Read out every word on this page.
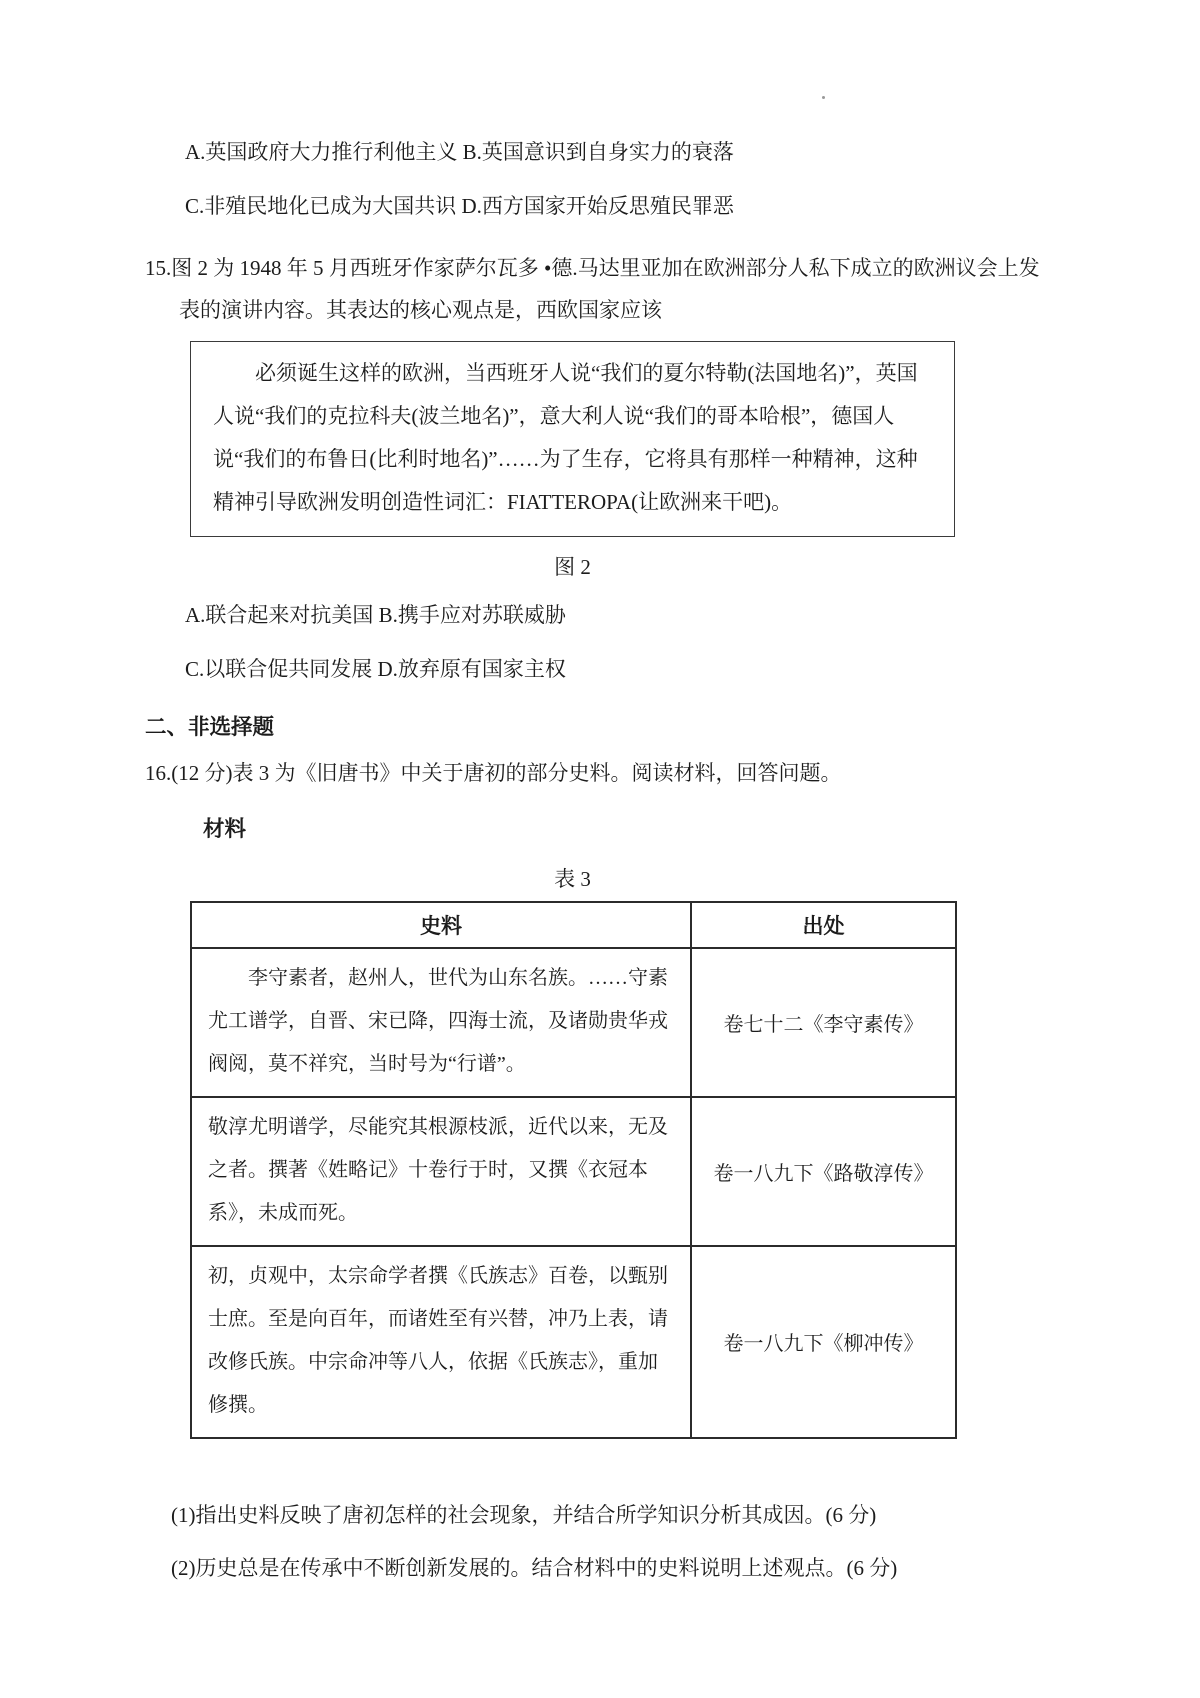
A.英国政府大力推行利他主义 B.英国意识到自身实力的衰落

C.非殖民地化已成为大国共识 D.西方国家开始反思殖民罪恶

15.图 2 为 1948 年 5 月西班牙作家萨尔瓦多 •德.马达里亚加在欧洲部分人私下成立的欧洲议会上发表的演讲内容。其表达的核心观点是，西欧国家应该

必须诞生这样的欧洲，当西班牙人说“我们的夏尔特勒(法国地名)”，英国人说“我们的克拉科夫(波兰地名)”，意大利人说“我们的哥本哈根”，德国人说“我们的布鲁日(比利时地名)”……为了生存，它将具有那样一种精神，这种精神引导欧洲发明创造性词汇：FIATTEROPA(让欧洲来干吧)。

图 2

A.联合起来对抗美国 B.携手应对苏联威胁

C.以联合促共同发展 D.放弃原有国家主权

二、非选择题

16.(12 分)表 3 为《旧唐书》中关于唐初的部分史料。阅读材料，回答问题。

材料

表 3

史料	出处
　　李守素者，赵州人，世代为山东名族。……守素尤工谱学，自晋、宋已降，四海士流，及诸勋贵华戎阀阅，莫不祥究，当时号为“行谱”。	卷七十二《李守素传》
敬淳尤明谱学，尽能究其根源枝派，近代以来，无及之者。撰著《姓略记》十卷行于时，又撰《衣冠本系》，未成而死。	卷一八九下《路敬淳传》
初，贞观中，太宗命学者撰《氏族志》百卷，以甄别士庶。至是向百年，而诸姓至有兴替，冲乃上表，请改修氏族。中宗命冲等八人，依据《氏族志》，重加修撰。	卷一八九下《柳冲传》

(1)指出史料反映了唐初怎样的社会现象，并结合所学知识分析其成因。(6 分)

(2)历史总是在传承中不断创新发展的。结合材料中的史料说明上述观点。(6 分)
